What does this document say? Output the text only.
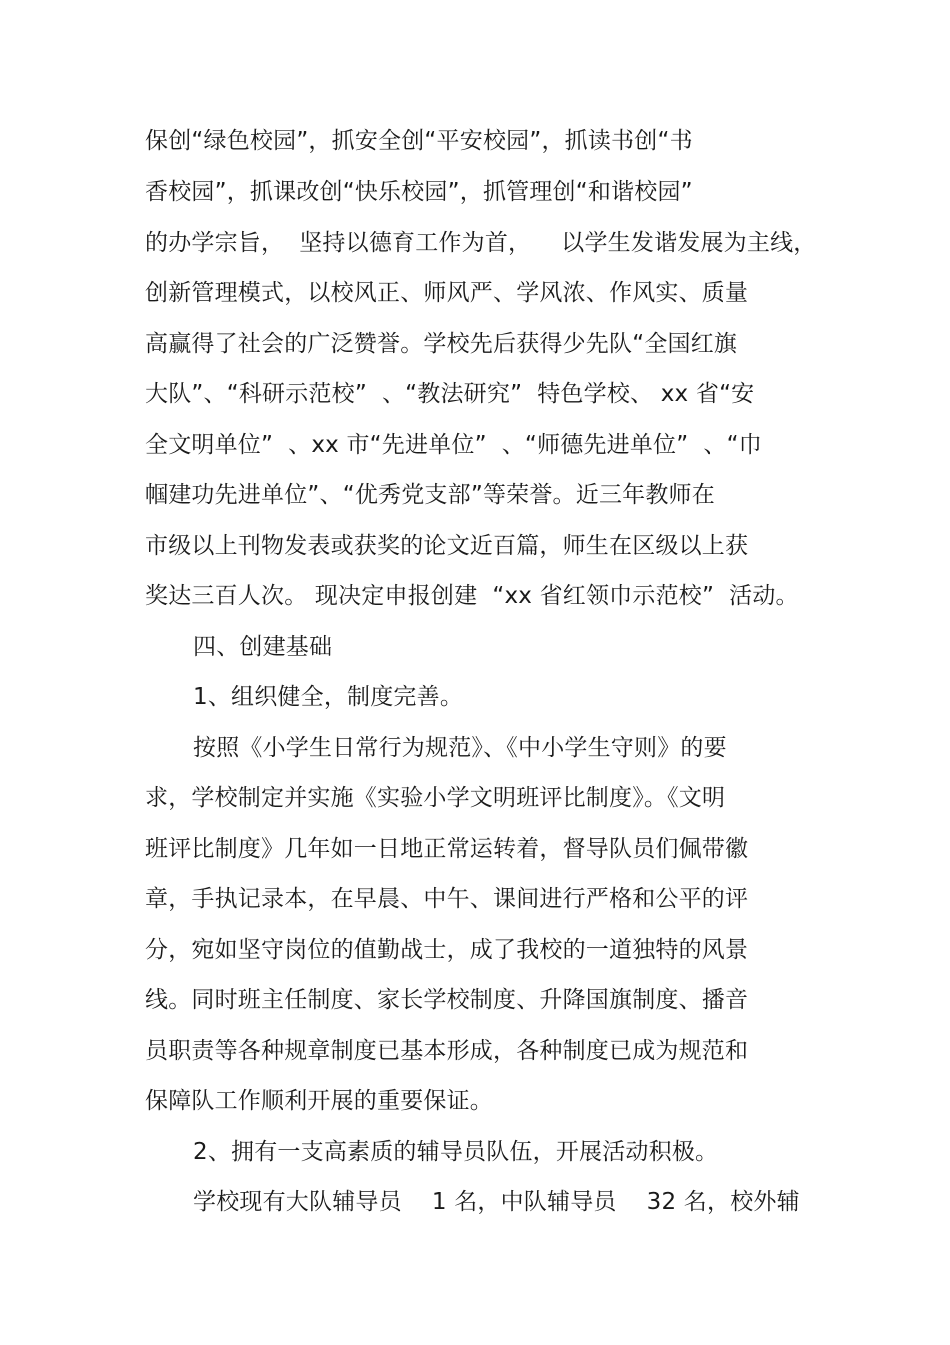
保创“绿色校园”，抓安全创“平安校园”，抓读书创“书
香校园”，抓课改创“快乐校园”，抓管理创“和谐校园”
的办学宗旨，  坚持以德育工作为首，    以学生发谐发展为主线，
创新管理模式，以校风正、师风严、学风浓、作风实、质量
高赢得了社会的广泛赞誉。学校先后获得少先队“全国红旗
大队”、“科研示范校”  、“教法研究”  特色学校、 xx 省“安
全文明单位”  、xx 市“先进单位”  、“师德先进单位”  、“巾
帼建功先进单位”、“优秀党支部”等荣誉。近三年教师在
市级以上刊物发表或获奖的论文近百篇，师生在区级以上获
奖达三百人次。 现决定申报创建  “xx 省红领巾示范校”  活动。
四、创建基础
1、组织健全，制度完善。
按照《小学生日常行为规范》、《中小学生守则》的要
求，学校制定并实施《实验小学文明班评比制度》。《文明
班评比制度》几年如一日地正常运转着，督导队员们佩带徽
章，手执记录本，在早晨、中午、课间进行严格和公平的评
分，宛如坚守岗位的值勤战士，成了我校的一道独特的风景
线。同时班主任制度、家长学校制度、升降国旗制度、播音
员职责等各种规章制度已基本形成，各种制度已成为规范和
保障队工作顺利开展的重要保证。
2、拥有一支高素质的辅导员队伍，开展活动积极。
学校现有大队辅导员    1 名，中队辅导员    32 名，校外辅
